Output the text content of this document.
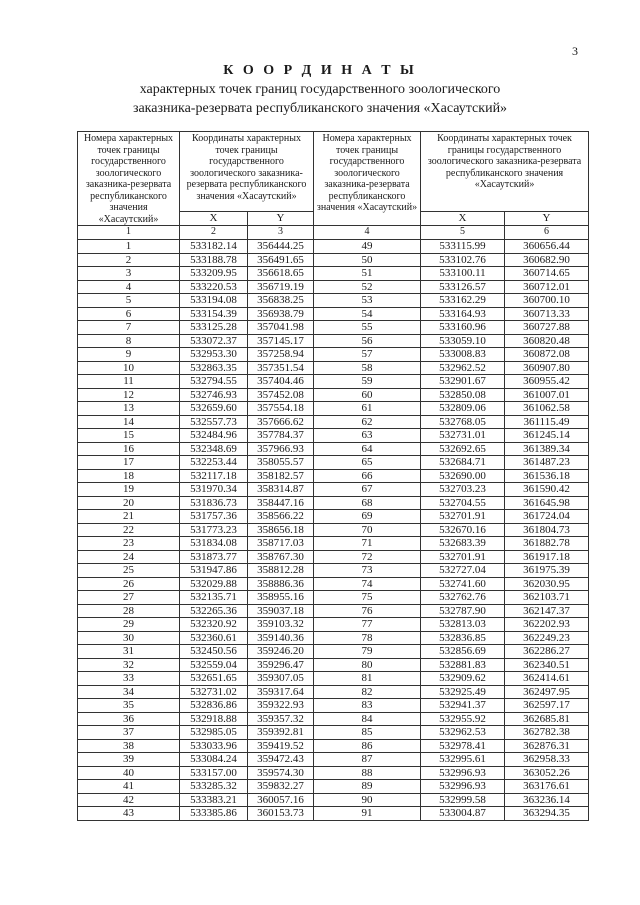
3
К О О Р Д И Н А Т Ы
характерных точек границ государственного зоологического
заказника-резервата республиканского значения «Хасаутский»
Номера характерных точек границы государственного зоологического заказника-резервата республиканского значения «Хасаутский»	Координаты характерных точек границы государственного зоологического заказника-резервата республиканского значения «Хасаутский»		Номера характерных точек границы государственного зоологического заказника-резервата республиканского значения «Хасаутский»	Координаты характерных точек границы государственного зоологического заказника-резервата республиканского значения «Хасаутский»	
	X	Y		X	Y
1	2	3	4	5	6
1	533182.14	356444.25	49	533115.99	360656.44
2	533188.78	356491.65	50	533102.76	360682.90
3	533209.95	356618.65	51	533100.11	360714.65
4	533220.53	356719.19	52	533126.57	360712.01
5	533194.08	356838.25	53	533162.29	360700.10
6	533154.39	356938.79	54	533164.93	360713.33
7	533125.28	357041.98	55	533160.96	360727.88
8	533072.37	357145.17	56	533059.10	360820.48
9	532953.30	357258.94	57	533008.83	360872.08
10	532863.35	357351.54	58	532962.52	360907.80
11	532794.55	357404.46	59	532901.67	360955.42
12	532746.93	357452.08	60	532850.08	361007.01
13	532659.60	357554.18	61	532809.06	361062.58
14	532557.73	357666.62	62	532768.05	361115.49
15	532484.96	357784.37	63	532731.01	361245.14
16	532348.69	357966.93	64	532692.65	361389.34
17	532253.44	358055.57	65	532684.71	361487.23
18	532117.18	358182.57	66	532690.00	361536.18
19	531970.34	358314.87	67	532703.23	361590.42
20	531836.73	358447.16	68	532704.55	361645.98
21	531757.36	358566.22	69	532701.91	361724.04
22	531773.23	358656.18	70	532670.16	361804.73
23	531834.08	358717.03	71	532683.39	361882.78
24	531873.77	358767.30	72	532701.91	361917.18
25	531947.86	358812.28	73	532727.04	361975.39
26	532029.88	358886.36	74	532741.60	362030.95
27	532135.71	358955.16	75	532762.76	362103.71
28	532265.36	359037.18	76	532787.90	362147.37
29	532320.92	359103.32	77	532813.03	362202.93
30	532360.61	359140.36	78	532836.85	362249.23
31	532450.56	359246.20	79	532856.69	362286.27
32	532559.04	359296.47	80	532881.83	362340.51
33	532651.65	359307.05	81	532909.62	362414.61
34	532731.02	359317.64	82	532925.49	362497.95
35	532836.86	359322.93	83	532941.37	362597.17
36	532918.88	359357.32	84	532955.92	362685.81
37	532985.05	359392.81	85	532962.53	362782.38
38	533033.96	359419.52	86	532978.41	362876.31
39	533084.24	359472.43	87	532995.61	362958.33
40	533157.00	359574.30	88	532996.93	363052.26
41	533285.32	359832.27	89	532996.93	363176.61
42	533383.21	360057.16	90	532999.58	363236.14
43	533385.86	360153.73	91	533004.87	363294.35
